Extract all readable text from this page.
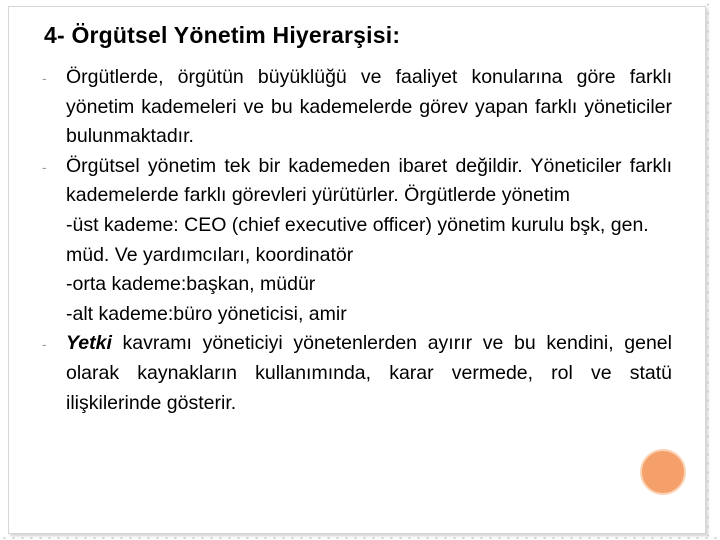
4- Örgütsel Yönetim Hiyerarşisi:
- Örgütlerde, örgütün büyüklüğü ve faaliyet konularına göre farklı yönetim kademeleri ve bu kademelerde görev yapan farklı yöneticiler bulunmaktadır.
- Örgütsel yönetim tek bir kademeden ibaret değildir. Yöneticiler farklı kademelerde farklı görevleri yürütürler. Örgütlerde yönetim
-üst kademe: CEO (chief executive officer) yönetim kurulu bşk, gen. müd. Ve yardımcıları, koordinatör
-orta kademe:başkan, müdür
-alt kademe:büro yöneticisi, amir
- Yetki kavramı yöneticiyi yönetenlerden ayırır ve bu kendini, genel olarak kaynakların kullanımında, karar vermede, rol ve statü ilişkilerinde gösterir.
